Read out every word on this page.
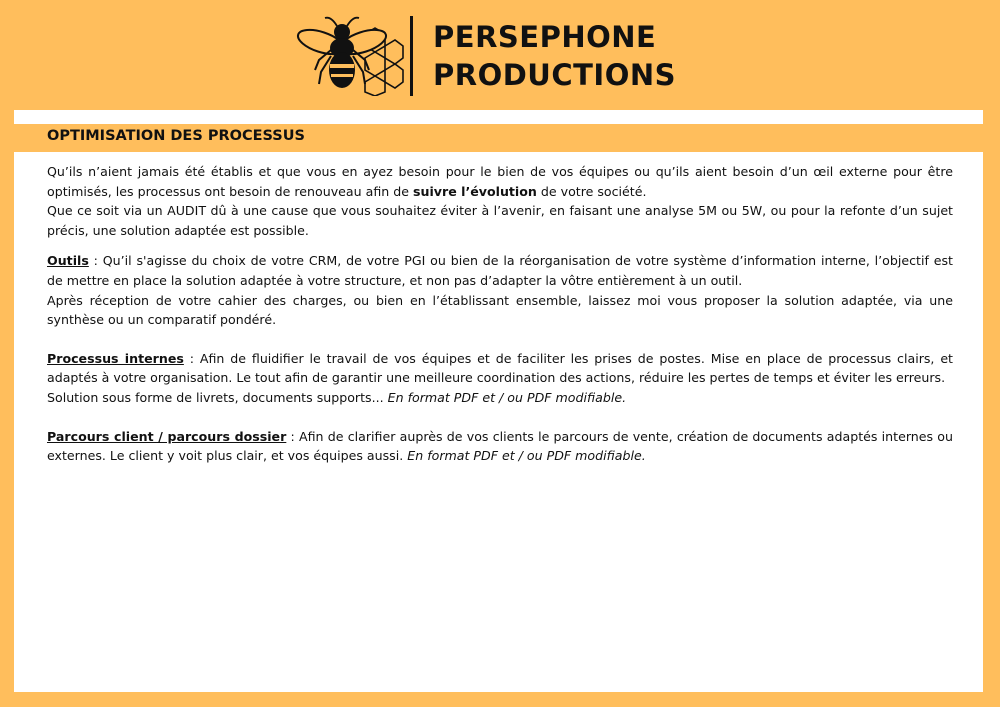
PERSEPHONE
PRODUCTIONS
OPTIMISATION DES PROCESSUS

Qu’ils n’aient jamais été établis et que vous en ayez besoin pour le bien de vos équipes ou qu’ils aient besoin d’un œil externe pour être optimisés, les processus ont besoin de renouveau afin de suivre l’évolution de votre société.

Que ce soit via un AUDIT dû à une cause que vous souhaitez éviter à l’avenir, en faisant une analyse 5M ou 5W, ou pour la refonte d’un sujet précis, une solution adaptée est possible.

Outils : Qu’il s'agisse du choix de votre CRM, de votre PGI ou bien de la réorganisation de votre système d’information interne, l’objectif est de mettre en place la solution adaptée à votre structure, et non pas d’adapter la vôtre entièrement à un outil.

Après réception de votre cahier des charges, ou bien en l’établissant ensemble, laissez moi vous proposer la solution adaptée, via une synthèse ou un comparatif pondéré.

Processus internes : Afin de fluidifier le travail de vos équipes et de faciliter les prises de postes. Mise en place de processus clairs, et adaptés à votre organisation. Le tout afin de garantir une meilleure coordination des actions, réduire les pertes de temps et éviter les erreurs.

Solution sous forme de livrets, documents supports... En format PDF et / ou PDF modifiable.

Parcours client / parcours dossier : Afin de clarifier auprès de vos clients le parcours de vente, création de documents adaptés internes ou externes. Le client y voit plus clair, et vos équipes aussi. En format PDF et / ou PDF modifiable.
